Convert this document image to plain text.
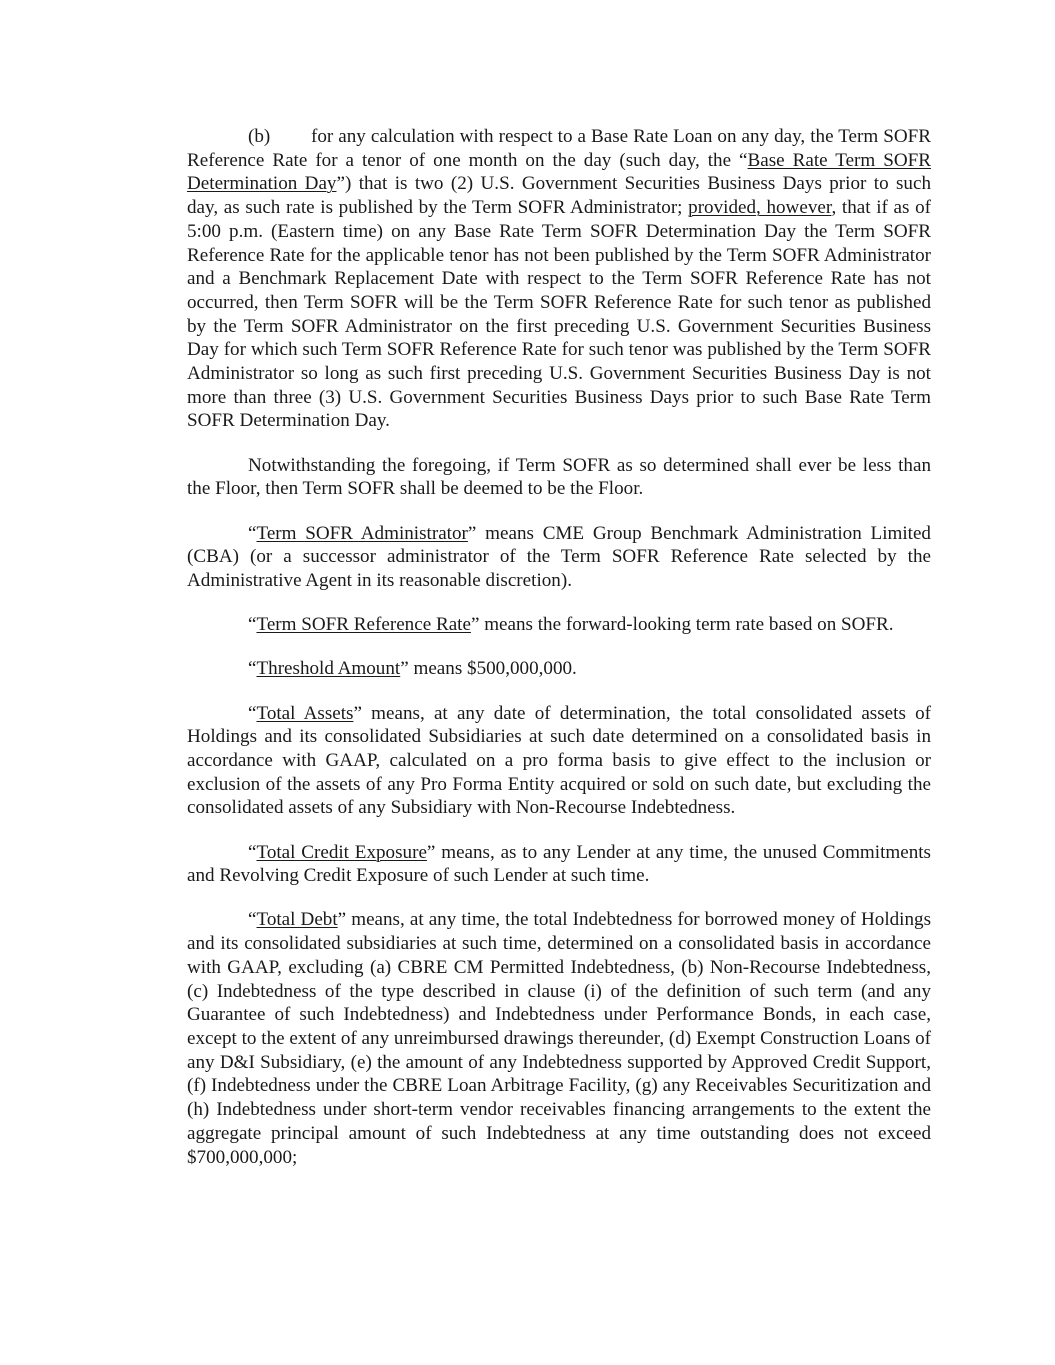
(b) for any calculation with respect to a Base Rate Loan on any day, the Term SOFR Reference Rate for a tenor of one month on the day (such day, the “Base Rate Term SOFR Determination Day”) that is two (2) U.S. Government Securities Business Days prior to such day, as such rate is published by the Term SOFR Administrator; provided, however, that if as of 5:00 p.m. (Eastern time) on any Base Rate Term SOFR Determination Day the Term SOFR Reference Rate for the applicable tenor has not been published by the Term SOFR Administrator and a Benchmark Replacement Date with respect to the Term SOFR Reference Rate has not occurred, then Term SOFR will be the Term SOFR Reference Rate for such tenor as published by the Term SOFR Administrator on the first preceding U.S. Government Securities Business Day for which such Term SOFR Reference Rate for such tenor was published by the Term SOFR Administrator so long as such first preceding U.S. Government Securities Business Day is not more than three (3) U.S. Government Securities Business Days prior to such Base Rate Term SOFR Determination Day.

Notwithstanding the foregoing, if Term SOFR as so determined shall ever be less than the Floor, then Term SOFR shall be deemed to be the Floor.

“Term SOFR Administrator” means CME Group Benchmark Administration Limited (CBA) (or a successor administrator of the Term SOFR Reference Rate selected by the Administrative Agent in its reasonable discretion).

“Term SOFR Reference Rate” means the forward-looking term rate based on SOFR.

“Threshold Amount” means $500,000,000.

“Total Assets” means, at any date of determination, the total consolidated assets of Holdings and its consolidated Subsidiaries at such date determined on a consolidated basis in accordance with GAAP, calculated on a pro forma basis to give effect to the inclusion or exclusion of the assets of any Pro Forma Entity acquired or sold on such date, but excluding the consolidated assets of any Subsidiary with Non-Recourse Indebtedness.

“Total Credit Exposure” means, as to any Lender at any time, the unused Commitments and Revolving Credit Exposure of such Lender at such time.

“Total Debt” means, at any time, the total Indebtedness for borrowed money of Holdings and its consolidated subsidiaries at such time, determined on a consolidated basis in accordance with GAAP, excluding (a) CBRE CM Permitted Indebtedness, (b) Non-Recourse Indebtedness, (c) Indebtedness of the type described in clause (i) of the definition of such term (and any Guarantee of such Indebtedness) and Indebtedness under Performance Bonds, in each case, except to the extent of any unreimbursed drawings thereunder, (d) Exempt Construction Loans of any D&I Subsidiary, (e) the amount of any Indebtedness supported by Approved Credit Support, (f) Indebtedness under the CBRE Loan Arbitrage Facility, (g) any Receivables Securitization and (h) Indebtedness under short-term vendor receivables financing arrangements to the extent the aggregate principal amount of such Indebtedness at any time outstanding does not exceed $700,000,000;
